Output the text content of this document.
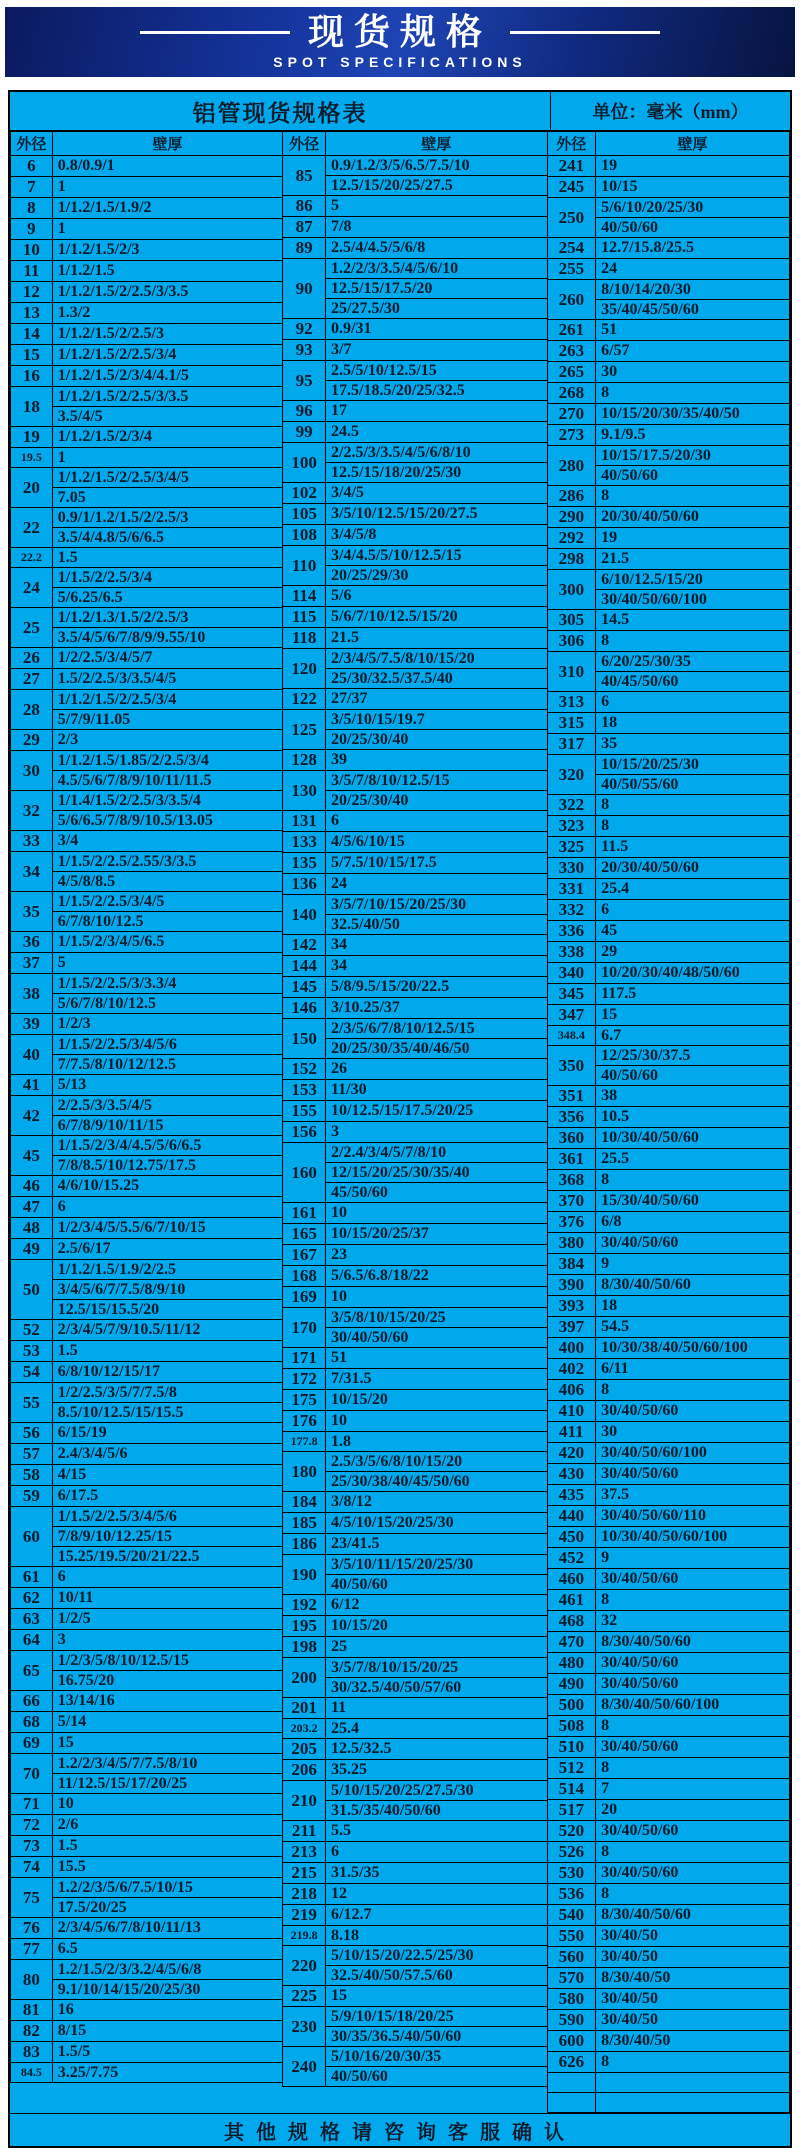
现货规格
SPOT SPECIFICATIONS
铝管现货规格表	单位：毫米（mm）
外径	壁厚
6	0.8/0.9/1
7	1
8	1/1.2/1.5/1.9/2
9	1
10	1/1.2/1.5/2/3
11	1/1.2/1.5
12	1/1.2/1.5/2/2.5/3/3.5
13	1.3/2
14	1/1.2/1.5/2/2.5/3
15	1/1.2/1.5/2/2.5/3/4
16	1/1.2/1.5/2/3/4/4.1/5
18	1/1.2/1.5/2/2.5/3/3.5
	3.5/4/5
19	1/1.2/1.5/2/3/4
19.5	1
20	1/1.2/1.5/2/2.5/3/4/5
	7.05
22	0.9/1/1.2/1.5/2/2.5/3
	3.5/4/4.8/5/6/6.5
22.2	1.5
24	1/1.5/2/2.5/3/4
	5/6.25/6.5
25	1/1.2/1.3/1.5/2/2.5/3
	3.5/4/5/6/7/8/9/9.55/10
26	1/2/2.5/3/4/5/7
27	1.5/2/2.5/3/3.5/4/5
28	1/1.2/1.5/2/2.5/3/4
	5/7/9/11.05
29	2/3
30	1/1.2/1.5/1.85/2/2.5/3/4
	4.5/5/6/7/8/9/10/11/11.5
32	1/1.4/1.5/2/2.5/3/3.5/4
	5/6/6.5/7/8/9/10.5/13.05
33	3/4
34	1/1.5/2/2.5/2.55/3/3.5
	4/5/8/8.5
35	1/1.5/2/2.5/3/4/5
	6/7/8/10/12.5
36	1/1.5/2/3/4/5/6.5
37	5
38	1/1.5/2/2.5/3/3.3/4
	5/6/7/8/10/12.5
39	1/2/3
40	1/1.5/2/2.5/3/4/5/6
	7/7.5/8/10/12/12.5
41	5/13
42	2/2.5/3/3.5/4/5
	6/7/8/9/10/11/15
45	1/1.5/2/3/4/4.5/5/6/6.5
	7/8/8.5/10/12.75/17.5
46	4/6/10/15.25
47	6
48	1/2/3/4/5/5.5/6/7/10/15
49	2.5/6/17
50	1/1.2/1.5/1.9/2/2.5
	3/4/5/6/7/7.5/8/9/10
	12.5/15/15.5/20
52	2/3/4/5/7/9/10.5/11/12
53	1.5
54	6/8/10/12/15/17
55	1/2/2.5/3/5/7/7.5/8
	8.5/10/12.5/15/15.5
56	6/15/19
57	2.4/3/4/5/6
58	4/15
59	6/17.5
60	1/1.5/2/2.5/3/4/5/6
	7/8/9/10/12.25/15
	15.25/19.5/20/21/22.5
61	6
62	10/11
63	1/2/5
64	3
65	1/2/3/5/8/10/12.5/15
	16.75/20
66	13/14/16
68	5/14
69	15
70	1.2/2/3/4/5/7/7.5/8/10
	11/12.5/15/17/20/25
71	10
72	2/6
73	1.5
74	15.5
75	1.2/2/3/5/6/7.5/10/15
	17.5/20/25
76	2/3/4/5/6/7/8/10/11/13
77	6.5
80	1.2/1.5/2/3/3.2/4/5/6/8
	9.1/10/14/15/20/25/30
81	16
82	8/15
83	1.5/5
84.5	3.25/7.75
外径	壁厚
85	0.9/1.2/3/5/6.5/7.5/10
	12.5/15/20/25/27.5
86	5
87	7/8
89	2.5/4/4.5/5/6/8
90	1.2/2/3/3.5/4/5/6/10
	12.5/15/17.5/20
	25/27.5/30
92	0.9/31
93	3/7
95	2.5/5/10/12.5/15
	17.5/18.5/20/25/32.5
96	17
99	24.5
100	2/2.5/3/3.5/4/5/6/8/10
	12.5/15/18/20/25/30
102	3/4/5
105	3/5/10/12.5/15/20/27.5
108	3/4/5/8
110	3/4/4.5/5/10/12.5/15
	20/25/29/30
114	5/6
115	5/6/7/10/12.5/15/20
118	21.5
120	2/3/4/5/7.5/8/10/15/20
	25/30/32.5/37.5/40
122	27/37
125	3/5/10/15/19.7
	20/25/30/40
128	39
130	3/5/7/8/10/12.5/15
	20/25/30/40
131	6
133	4/5/6/10/15
135	5/7.5/10/15/17.5
136	24
140	3/5/7/10/15/20/25/30
	32.5/40/50
142	34
144	34
145	5/8/9.5/15/20/22.5
146	3/10.25/37
150	2/3/5/6/7/8/10/12.5/15
	20/25/30/35/40/46/50
152	26
153	11/30
155	10/12.5/15/17.5/20/25
156	3
160	2/2.4/3/4/5/7/8/10
	12/15/20/25/30/35/40
	45/50/60
161	10
165	10/15/20/25/37
167	23
168	5/6.5/6.8/18/22
169	10
170	3/5/8/10/15/20/25
	30/40/50/60
171	51
172	7/31.5
175	10/15/20
176	10
177.8	1.8
180	2.5/3/5/6/8/10/15/20
	25/30/38/40/45/50/60
184	3/8/12
185	4/5/10/15/20/25/30
186	23/41.5
190	3/5/10/11/15/20/25/30
	40/50/60
192	6/12
195	10/15/20
198	25
200	3/5/7/8/10/15/20/25
	30/32.5/40/50/57/60
201	11
203.2	25.4
205	12.5/32.5
206	35.25
210	5/10/15/20/25/27.5/30
	31.5/35/40/50/60
211	5.5
213	6
215	31.5/35
218	12
219	6/12.7
219.8	8.18
220	5/10/15/20/22.5/25/30
	32.5/40/50/57.5/60
225	15
230	5/9/10/15/18/20/25
	30/35/36.5/40/50/60
240	5/10/16/20/30/35
	40/50/60
外径	壁厚
241	19
245	10/15
250	5/6/10/20/25/30
	40/50/60
254	12.7/15.8/25.5
255	24
260	8/10/14/20/30
	35/40/45/50/60
261	51
263	6/57
265	30
268	8
270	10/15/20/30/35/40/50
273	9.1/9.5
280	10/15/17.5/20/30
	40/50/60
286	8
290	20/30/40/50/60
292	19
298	21.5
300	6/10/12.5/15/20
	30/40/50/60/100
305	14.5
306	8
310	6/20/25/30/35
	40/45/50/60
313	6
315	18
317	35
320	10/15/20/25/30
	40/50/55/60
322	8
323	8
325	11.5
330	20/30/40/50/60
331	25.4
332	6
336	45
338	29
340	10/20/30/40/48/50/60
345	117.5
347	15
348.4	6.7
350	12/25/30/37.5
	40/50/60
351	38
356	10.5
360	10/30/40/50/60
361	25.5
368	8
370	15/30/40/50/60
376	6/8
380	30/40/50/60
384	9
390	8/30/40/50/60
393	18
397	54.5
400	10/30/38/40/50/60/100
402	6/11
406	8
410	30/40/50/60
411	30
420	30/40/50/60/100
430	30/40/50/60
435	37.5
440	30/40/50/60/110
450	10/30/40/50/60/100
452	9
460	30/40/50/60
461	8
468	32
470	8/30/40/50/60
480	30/40/50/60
490	30/40/50/60
500	8/30/40/50/60/100
508	8
510	30/40/50/60
512	8
514	7
517	20
520	30/40/50/60
526	8
530	30/40/50/60
536	8
540	8/30/40/50/60
550	30/40/50
560	30/40/50
570	8/30/40/50
580	30/40/50
590	30/40/50
600	8/30/40/50
626	8

其他规格请咨询客服确认
